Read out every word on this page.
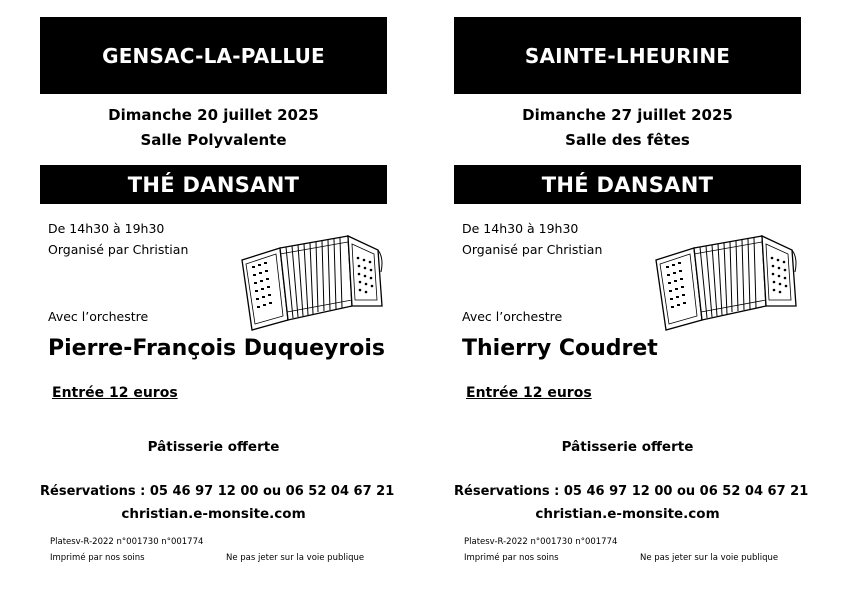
GENSAC-LA-PALLUE
Dimanche 20 juillet 2025
Salle Polyvalente
THÉ DANSANT
De 14h30 à 19h30
Organisé par Christian
Avec l’orchestre
Pierre-François Duqueyrois
Entrée 12 euros
Pâtisserie offerte
Réservations : 05 46 97 12 00 ou 06 52 04 67 21
christian.e-monsite.com
Platesv-R-2022 n°001730 n°001774
Imprimé par nos soins	Ne pas jeter sur la voie publique
SAINTE-LHEURINE
Dimanche 27 juillet 2025
Salle des fêtes
THÉ DANSANT
De 14h30 à 19h30
Organisé par Christian
Avec l’orchestre
Thierry Coudret
Entrée 12 euros
Pâtisserie offerte
Réservations : 05 46 97 12 00 ou 06 52 04 67 21
christian.e-monsite.com
Platesv-R-2022 n°001730 n°001774
Imprimé par nos soins	Ne pas jeter sur la voie publique
